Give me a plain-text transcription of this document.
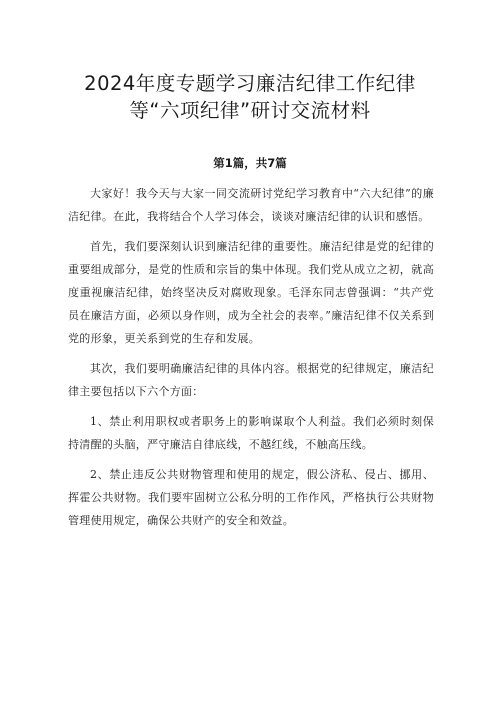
2024年度专题学习廉洁纪律工作纪律等“六项纪律”研讨交流材料
第1篇，共7篇

大家好！我今天与大家一同交流研讨党纪学习教育中“六大纪律”的廉洁纪律。在此，我将结合个人学习体会，谈谈对廉洁纪律的认识和感悟。

首先，我们要深刻认识到廉洁纪律的重要性。廉洁纪律是党的纪律的重要组成部分，是党的性质和宗旨的集中体现。我们党从成立之初，就高度重视廉洁纪律，始终坚决反对腐败现象。毛泽东同志曾强调：“共产党员在廉洁方面，必须以身作则，成为全社会的表率。”廉洁纪律不仅关系到党的形象，更关系到党的生存和发展。

其次，我们要明确廉洁纪律的具体内容。根据党的纪律规定，廉洁纪律主要包括以下六个方面：

1、禁止利用职权或者职务上的影响谋取个人利益。我们必须时刻保持清醒的头脑，严守廉洁自律底线，不越红线，不触高压线。

2、禁止违反公共财物管理和使用的规定，假公济私、侵占、挪用、挥霍公共财物。我们要牢固树立公私分明的工作作风，严格执行公共财物管理使用规定，确保公共财产的安全和效益。
